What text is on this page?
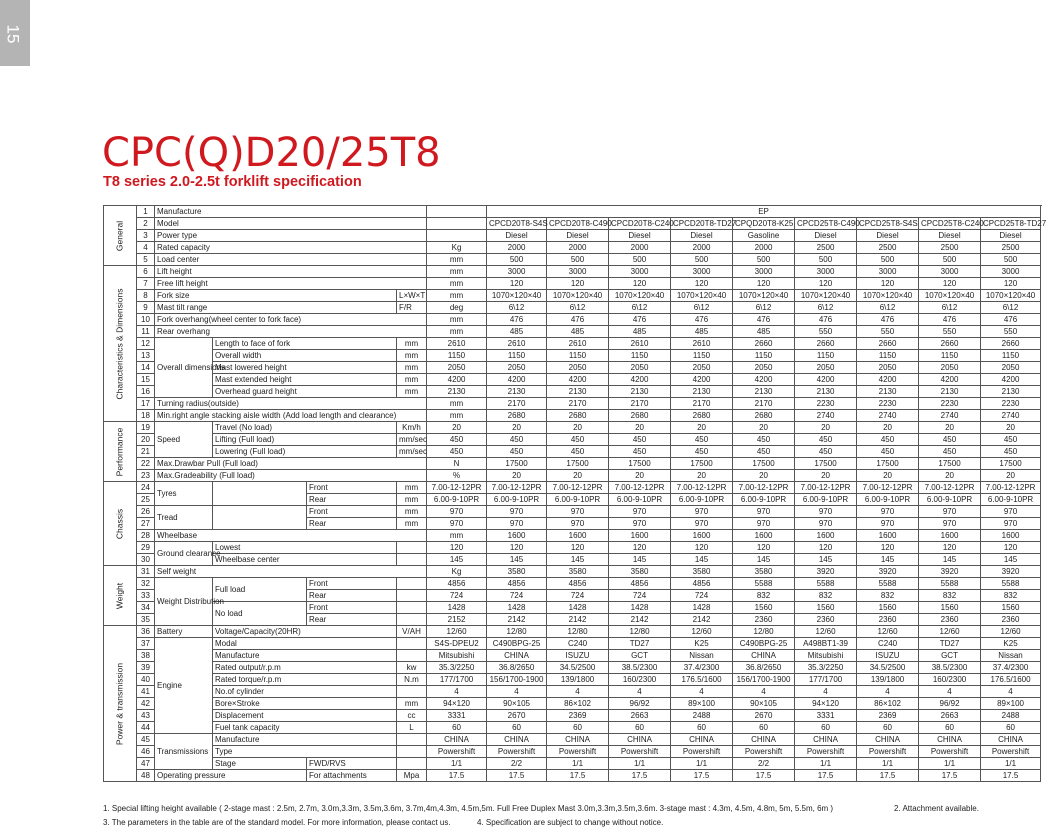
15
CPC(Q)D20/25T8
T8 series 2.0-2.5t forklift specification
General	1	Manufacture					EP									
	2	Model					CPCD20T8-S4S	CPCD20T8-C490	CPCD20T8-C240	CPCD20T8-TD27	CPQD20T8-K25	CPCD25T8-C490	CPCD25T8-S4S	CPCD25T8-C240	CPCD25T8-TD27	
	3	Power type					Diesel	Diesel	Diesel	Diesel	Gasoline	Diesel	Diesel	Diesel	Diesel	
	4	Rated capacity				Kg	2000	2000	2000	2000	2000	2500	2500	2500	2500	
	5	Load center				mm	500	500	500	500	500	500	500	500	500	

Characteristics & Dimensions	6	Lift height				mm	3000	3000	3000	3000	3000	3000	3000	3000	3000	
	7	Free lift height				mm	120	120	120	120	120	120	120	120	120	
	8	Fork size			L×W×T	mm	1070×120×40	1070×120×40	1070×120×40	1070×120×40	1070×120×40	1070×120×40	1070×120×40	1070×120×40	1070×120×40	
	9	Mast tilt range			F/R	deg	6\12	6\12	6\12	6\12	6\12	6\12	6\12	6\12	6\12	
	10	Fork overhang(wheel center to fork face)				mm	476	476	476	476	476	476	476	476	476	
	11	Rear overhang				mm	485	485	485	485	485	550	550	550	550	
	12	Overall dimensions	Length to face of fork		mm	2610	2610	2610	2610	2610	2660	2660	2660	2660	2660	
	13		Overall width		mm	1150	1150	1150	1150	1150	1150	1150	1150	1150	1150	
	14		Mast lowered height		mm	2050	2050	2050	2050	2050	2050	2050	2050	2050	2050	
	15		Mast extended height		mm	4200	4200	4200	4200	4200	4200	4200	4200	4200	4200	
	16		Overhead guard height		mm	2130	2130	2130	2130	2130	2130	2130	2130	2130	2130	
	17	Turning radius(outside)				mm	2170	2170	2170	2170	2170	2230	2230	2230	2230	
	18	Min.right angle stacking aisle width (Add load length and clearance)				mm	2680	2680	2680	2680	2680	2740	2740	2740	2740	

Performance	19	Speed	Travel (No load)		Km/h	20	20	20	20	20	20	20	20	20	20	
	20		Lifting (Full load)		mm/sec	450	450	450	450	450	450	450	450	450	450	
	21		Lowering (Full load)		mm/sec	450	450	450	450	450	450	450	450	450	450	
	22	Max.Drawbar Pull (Full load)				N	17500	17500	17500	17500	17500	17500	17500	17500	17500	
	23	Max.Gradeability (Full load)				%	20	20	20	20	20	20	20	20	20	

Chassis	24	Tyres		Front	mm	7.00-12-12PR	7.00-12-12PR	7.00-12-12PR	7.00-12-12PR	7.00-12-12PR	7.00-12-12PR	7.00-12-12PR	7.00-12-12PR	7.00-12-12PR	7.00-12-12PR	
	25			Rear	mm	6.00-9-10PR	6.00-9-10PR	6.00-9-10PR	6.00-9-10PR	6.00-9-10PR	6.00-9-10PR	6.00-9-10PR	6.00-9-10PR	6.00-9-10PR	6.00-9-10PR	
	26	Tread		Front	mm	970	970	970	970	970	970	970	970	970	970	
	27			Rear	mm	970	970	970	970	970	970	970	970	970	970	
	28	Wheelbase				mm	1600	1600	1600	1600	1600	1600	1600	1600	1600	
	29	Ground clearance	Lowest			120	120	120	120	120	120	120	120	120	120	
	30		Wheelbase center			145	145	145	145	145	145	145	145	145	145	

Weight	31	Self weight				Kg	3580	3580	3580	3580	3580	3920	3920	3920	3920	
	32	Weight Distribution	Full load	Front		4856	4856	4856	4856	4856	5588	5588	5588	5588	5588	
	33			Rear		724	724	724	724	724	832	832	832	832	832	
	34		No load	Front		1428	1428	1428	1428	1428	1560	1560	1560	1560	1560	
	35			Rear		2152	2142	2142	2142	2142	2360	2360	2360	2360	2360	

Power & transmission	36	Battery	Voltage/Capacity(20HR)		V/AH	12/60	12/80	12/80	12/80	12/60	12/80	12/60	12/60	12/60	12/60	
	37	Engine	Modal			S4S-DPEU2	C490BPG-25	C240	TD27	K25	C490BPG-25	A498BT1-39	C240	TD27	K25	
	38		Manufacture			Mitsubishi	CHINA	ISUZU	GCT	Nissan	CHINA	Mitsubishi	ISUZU	GCT	Nissan	
	39		Rated output/r.p.m		kw	35.3/2250	36.8/2650	34.5/2500	38.5/2300	37.4/2300	36.8/2650	35.3/2250	34.5/2500	38.5/2300	37.4/2300	
	40		Rated torque/r.p.m		N.m	177/1700	156/1700-1900	139/1800	160/2300	176.5/1600	156/1700-1900	177/1700	139/1800	160/2300	176.5/1600	
	41		No.of cylinder			4	4	4	4	4	4	4	4	4	4	
	42		Bore×Stroke		mm	94×120	90×105	86×102	96/92	89×100	90×105	94×120	86×102	96/92	89×100	
	43		Displacement		cc	3331	2670	2369	2663	2488	2670	3331	2369	2663	2488	
	44		Fuel tank capacity		L	60	60	60	60	60	60	60	60	60	60	
	45	Transmissions	Manufacture			CHINA	CHINA	CHINA	CHINA	CHINA	CHINA	CHINA	CHINA	CHINA	CHINA	
	46		Type			Powershift	Powershift	Powershift	Powershift	Powershift	Powershift	Powershift	Powershift	Powershift	Powershift	
	47		Stage	FWD/RVS		1/1	2/2	1/1	1/1	1/1	2/2	1/1	1/1	1/1	1/1	
	48	Operating pressure		For attachments	Mpa	17.5	17.5	17.5	17.5	17.5	17.5	17.5	17.5	17.5	17.5	
1. Special lifting height available ( 2-stage mast : 2.5m, 2.7m, 3.0m,3.3m, 3.5m,3.6m, 3.7m,4m,4.3m, 4.5m,5m. Full Free Duplex Mast 3.0m,3.3m,3.5m,3.6m. 3-stage mast : 4.3m, 4.5m, 4.8m, 5m, 5.5m, 6m )	2. Attachment available.
3. The parameters in the table are of the standard model. For more information, please contact us.	4. Specification are subject to change without notice.
